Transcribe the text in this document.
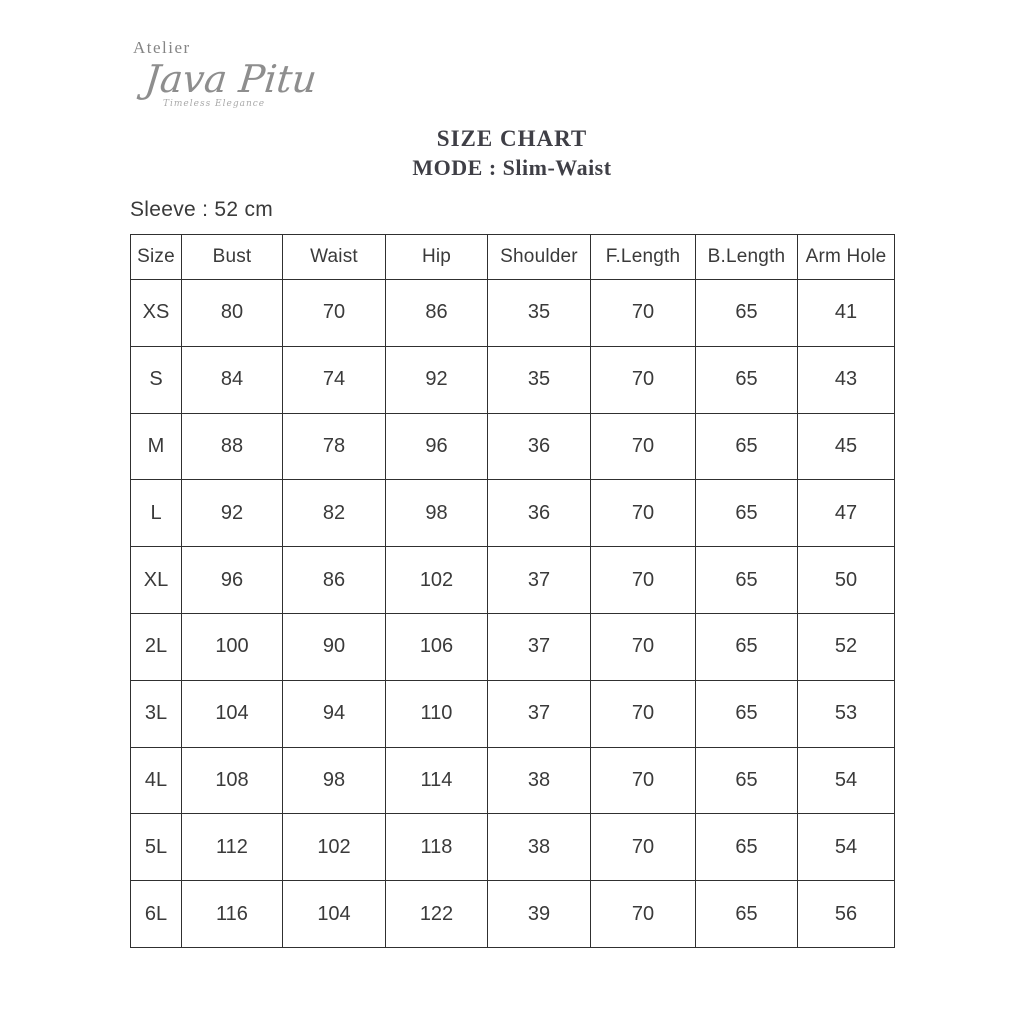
Atelier
Java Pitu
Timeless Elegance
SIZE CHART
MODE : Slim-Waist
Sleeve : 52 cm
Size	Bust	Waist	Hip	Shoulder	F.Length	B.Length	Arm Hole
XS	80	70	86	35	70	65	41
S	84	74	92	35	70	65	43
M	88	78	96	36	70	65	45
L	92	82	98	36	70	65	47
XL	96	86	102	37	70	65	50
2L	100	90	106	37	70	65	52
3L	104	94	110	37	70	65	53
4L	108	98	114	38	70	65	54
5L	112	102	118	38	70	65	54
6L	116	104	122	39	70	65	56
